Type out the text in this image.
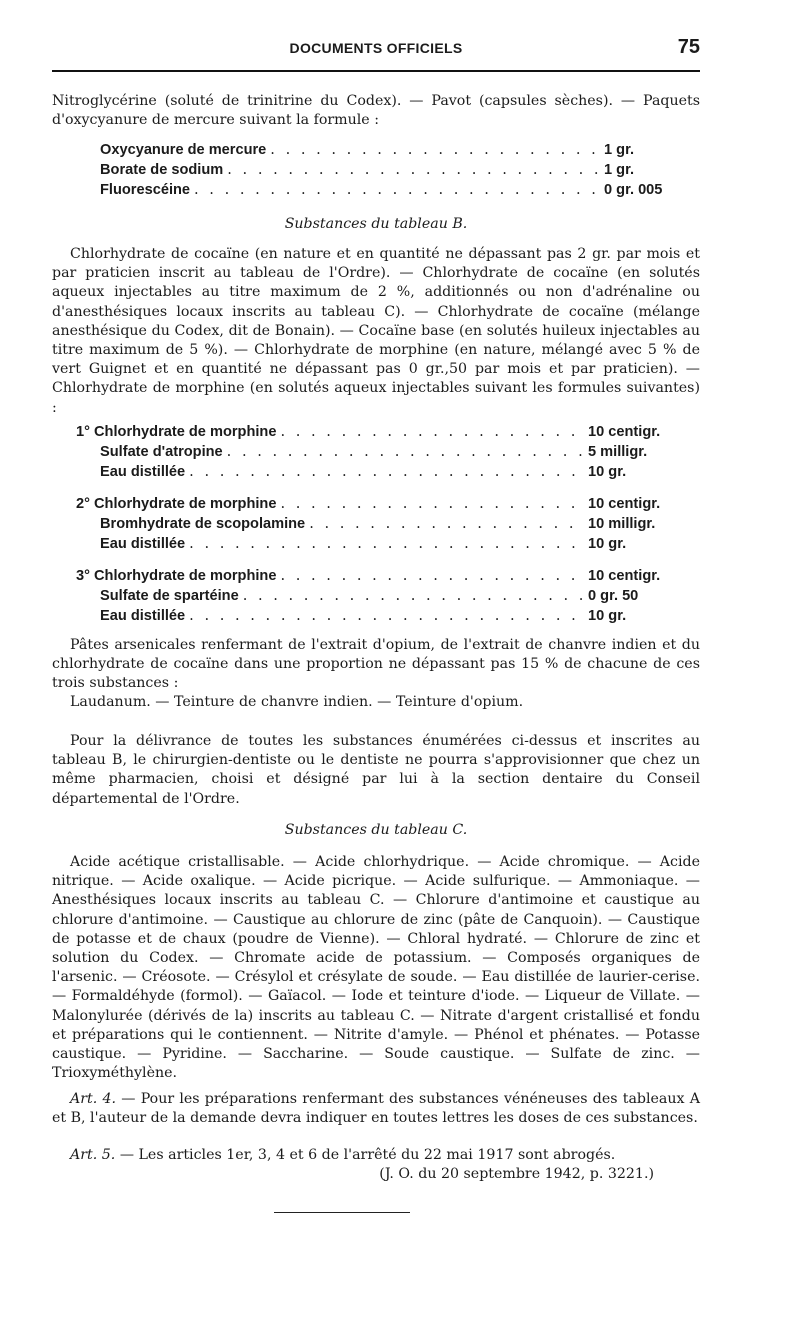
DOCUMENTS OFFICIELS	75
Nitroglycérine (soluté de trinitrine du Codex). — Pavot (capsules sèches). — Paquets d'oxycyanure de mercure suivant la formule :
Oxycyanure de mercure . . .	1 gr.
Borate de sodium . . .	1 gr.
Fluorescéine . . .	0 gr. 005
Substances du tableau B.
Chlorhydrate de cocaïne (en nature et en quantité ne dépassant pas 2 gr. par mois et par praticien inscrit au tableau de l'Ordre). — Chlorhydrate de cocaïne (en solutés aqueux injectables au titre maximum de 2 %, additionnés ou non d'adrénaline ou d'anesthésiques locaux inscrits au tableau C). — Chlorhydrate de cocaïne (mélange anesthésique du Codex, dit de Bonain). — Cocaïne base (en solutés huileux injectables au titre maximum de 5 %). — Chlorhydrate de morphine (en nature, mélangé avec 5 % de vert Guignet et en quantité ne dépassant pas 0 gr.,50 par mois et par praticien). — Chlorhydrate de morphine (en solutés aqueux injectables suivant les formules suivantes) :
1° Chlorhydrate de morphine . . .	10 centigr.
Sulfate d'atropine . . .	5 milligr.
Eau distillée . . .	10 gr.
2° Chlorhydrate de morphine . . .	10 centigr.
Bromhydrate de scopolamine . . .	10 milligr.
Eau distillée . . .	10 gr.
3° Chlorhydrate de morphine . . .	10 centigr.
Sulfate de spartéine . . .	0 gr. 50
Eau distillée . . .	10 gr.
Pâtes arsenicales renfermant de l'extrait d'opium, de l'extrait de chanvre indien et du chlorhydrate de cocaïne dans une proportion ne dépassant pas 15 % de chacune de ces trois substances :
Laudanum. — Teinture de chanvre indien. — Teinture d'opium.
Pour la délivrance de toutes les substances énumérées ci-dessus et inscrites au tableau B, le chirurgien-dentiste ou le dentiste ne pourra s'approvisionner que chez un même pharmacien, choisi et désigné par lui à la section dentaire du Conseil départemental de l'Ordre.
Substances du tableau C.
Acide acétique cristallisable. — Acide chlorhydrique. — Acide chromique. — Acide nitrique. — Acide oxalique. — Acide picrique. — Acide sulfurique. — Ammoniaque. — Anesthésiques locaux inscrits au tableau C. — Chlorure d'antimoine et caustique au chlorure d'antimoine. — Caustique au chlorure de zinc (pâte de Canquoin). — Caustique de potasse et de chaux (poudre de Vienne). — Chloral hydraté. — Chlorure de zinc et solution du Codex. — Chromate acide de potassium. — Composés organiques de l'arsenic. — Créosote. — Crésylol et crésylate de soude. — Eau distillée de laurier-cerise. — Formaldéhyde (formol). — Gaïacol. — Iode et teinture d'iode. — Liqueur de Villate. — Malonylurée (dérivés de la) inscrits au tableau C. — Nitrate d'argent cristallisé et fondu et préparations qui le contiennent. — Nitrite d'amyle. — Phénol et phénates. — Potasse caustique. — Pyridine. — Saccharine. — Soude caustique. — Sulfate de zinc. — Trioxyméthylène.
Art. 4. — Pour les préparations renfermant des substances vénéneuses des tableaux A et B, l'auteur de la demande devra indiquer en toutes lettres les doses de ces substances.
Art. 5. — Les articles 1er, 3, 4 et 6 de l'arrêté du 22 mai 1917 sont abrogés.
(J. O. du 20 septembre 1942, p. 3221.)
